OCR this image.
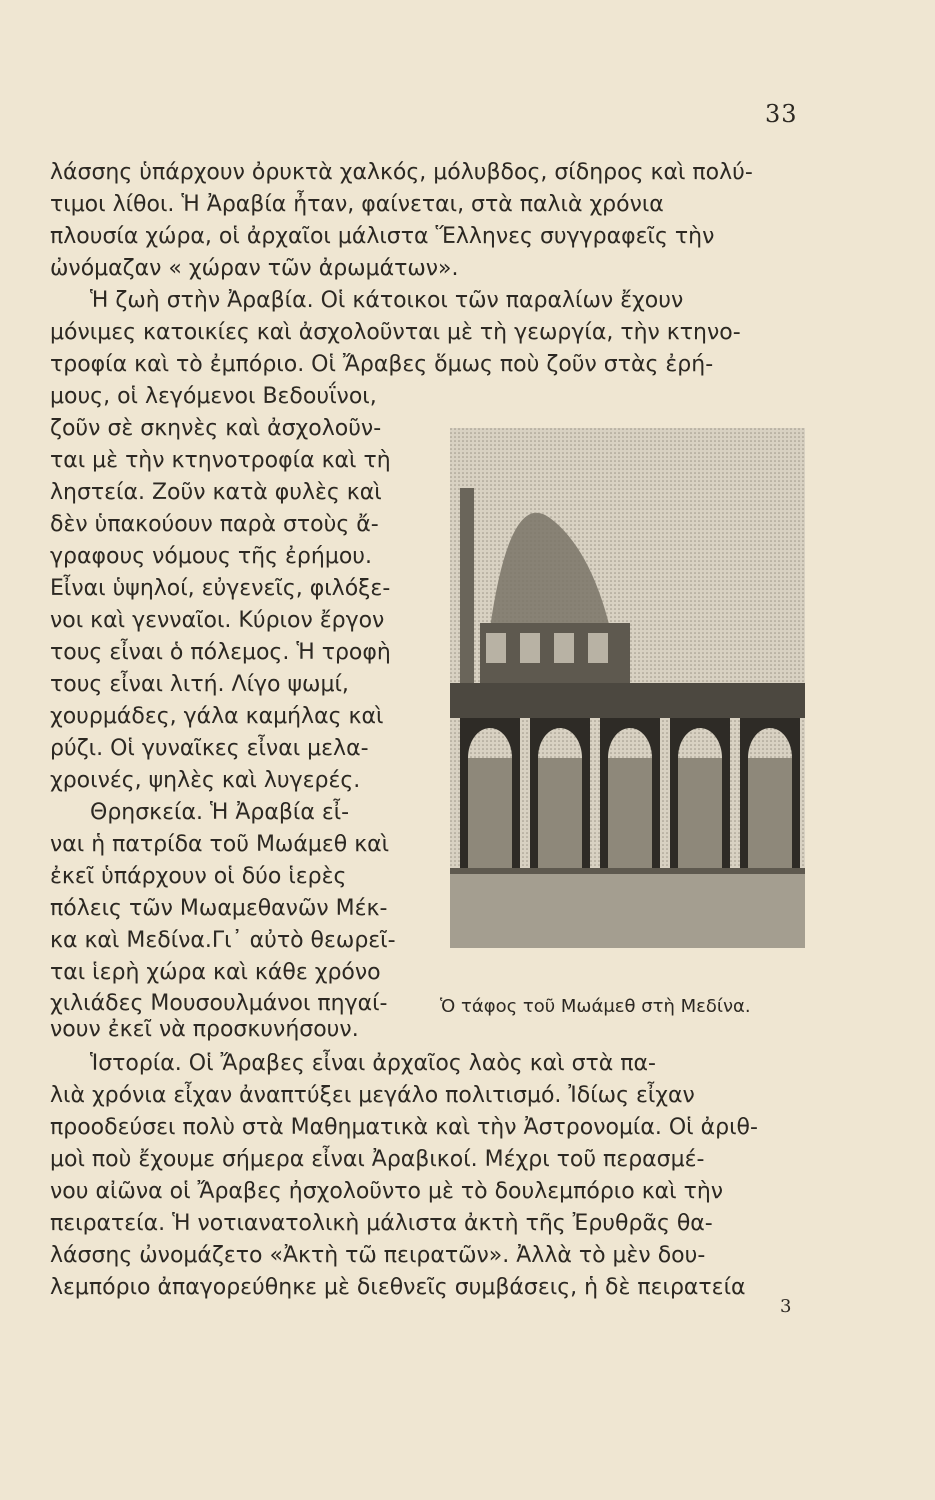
33
λάσσης ὑπάρχουν ὀρυκτὰ χαλκός, μόλυβδος, σίδηρος καὶ πολύ-
τιμοι λίθοι. Ἡ Ἀραβία ἦταν, φαίνεται, στὰ παλιὰ χρόνια
πλουσία χώρα, οἱ ἀρχαῖοι μάλιστα Ἕλληνες συγγραφεῖς τὴν
ὠνόμαζαν « χώραν τῶν ἀρωμάτων».
Ἡ ζωὴ στὴν Ἀραβία. Οἱ κάτοικοι τῶν παραλίων ἔχουν
μόνιμες κατοικίες καὶ ἀσχολοῦνται μὲ τὴ γεωργία, τὴν κτηνο-
τροφία καὶ τὸ ἐμπόριο. Οἱ Ἄραβες ὅμως ποὺ ζοῦν στὰς ἐρή-
μους, οἱ λεγόμενοι Βεδουΐνοι,
ζοῦν σὲ σκηνὲς καὶ ἀσχολοῦν-
ται μὲ τὴν κτηνοτροφία καὶ τὴ
ληστεία. Ζοῦν κατὰ φυλὲς καὶ
δὲν ὑπακούουν παρὰ στοὺς ἄ-
γραφους νόμους τῆς ἐρήμου.
Εἶναι ὑψηλοί, εὐγενεῖς, φιλόξε-
νοι καὶ γενναῖοι. Κύριον ἔργον
τους εἶναι ὁ πόλεμος. Ἡ τροφὴ
τους εἶναι λιτή. Λίγο ψωμί,
χουρμάδες, γάλα καμήλας καὶ
ρύζι. Οἱ γυναῖκες εἶναι μελα-
χροινές, ψηλὲς καὶ λυγερές.
Θρησκεία. Ἡ Ἀραβία εἶ-
ναι ἡ πατρίδα τοῦ Μωάμεθ καὶ
ἐκεῖ ὑπάρχουν οἱ δύο ἱερὲς
πόλεις τῶν Μωαμεθανῶν Μέκ-
κα καὶ Μεδίνα.Γι᾽ αὐτὸ θεωρεῖ-
ται ἱερὴ χώρα καὶ κάθε χρόνο
χιλιάδες Μουσουλμάνοι πηγαί-
νουν ἐκεῖ νὰ προσκυνήσουν.
Ὁ τάφος τοῦ Μωάμεθ στὴ Μεδίνα.
Ἱστορία. Οἱ Ἄραβες εἶναι ἀρχαῖος λαὸς καὶ στὰ πα-
λιὰ χρόνια εἶχαν ἀναπτύξει μεγάλο πολιτισμό. Ἰδίως εἶχαν
προοδεύσει πολὺ στὰ Μαθηματικὰ καὶ τὴν Ἀστρονομία. Οἱ ἀριθ-
μοὶ ποὺ ἔχουμε σήμερα εἶναι Ἀραβικοί. Μέχρι τοῦ περασμέ-
νου αἰῶνα οἱ Ἄραβες ἠσχολοῦντο μὲ τὸ δουλεμπόριο καὶ τὴν
πειρατεία. Ἡ νοτιανατολικὴ μάλιστα ἀκτὴ τῆς Ἐρυθρᾶς θα-
λάσσης ὠνομάζετο «Ἀκτὴ τῶ πειρατῶν». Ἀλλὰ τὸ μὲν δου-
λεμπόριο ἀπαγορεύθηκε μὲ διεθνεῖς συμβάσεις, ἡ δὲ πειρατεία
3
